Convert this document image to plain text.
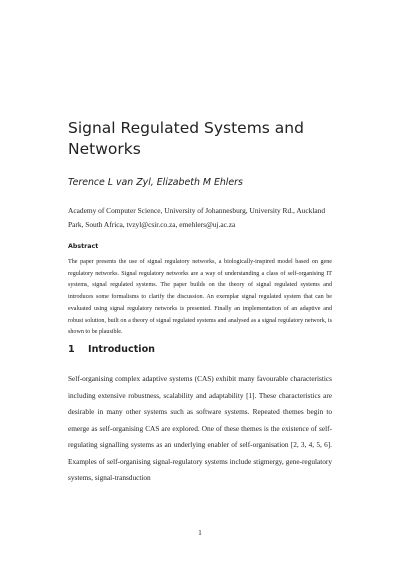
Signal Regulated Systems and Networks

Terence L van Zyl, Elizabeth M Ehlers

Academy of Computer Science, University of Johannesburg, University Rd., Auckland Park, South Africa, tvzyl@csir.co.za, emehlers@uj.ac.za

Abstract

The paper presents the use of signal regulatory networks, a biologically-inspired model based on gene regulatory networks. Signal regulatory networks are a way of understanding a class of self-organising IT systems, signal regulated systems. The paper builds on the theory of signal regulated systems and introduces some formalisms to clarify the discussion. An exemplar signal regulated system that can be evaluated using signal regulatory networks is presented. Finally an implementation of an adaptive and robust solution, built on a theory of signal regulated systems and analysed as a signal regulatory network, is shown to be plausible.

1 Introduction

Self-organising complex adaptive systems (CAS) exhibit many favourable characteristics including extensive robustness, scalability and adaptability [1]. These characteristics are desirable in many other systems such as software systems. Repeated themes begin to emerge as self-organising CAS are explored. One of these themes is the existence of self-regulating signalling systems as an underlying enabler of self-organisation [2, 3, 4, 5, 6]. Examples of self-organising signal-regulatory systems include stigmergy, gene-regulatory systems, signal-transduction

1
